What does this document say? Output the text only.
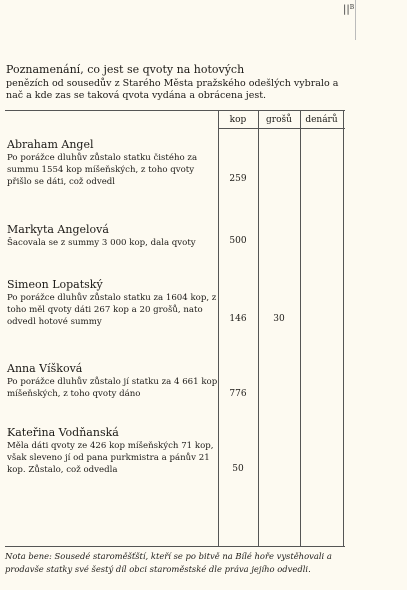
$||^B$
Poznamenání, co jest se qvoty na hotových
penězích od sousedův z Starého Města pražského odešlých vybralo a nač a kde zas se taková qvota vydána a obrácena jest.
kop	grošů	denárů
Abraham Angel
Po porážce dluhův zůstalo statku čistého za summu 1554 kop míšeňských, z toho qvoty přišlo se dáti, což odvedl	259
Markyta Angelová
Šacovala se z summy 3 000 kop, dala qvoty	500
Simeon Lopatský
Po porážce dluhův zůstalo statku za 1604 kop, z toho měl qvoty dáti 267 kop a 20 grošů, nato odvedl hotové summy	146	30
Anna Víšková
Po porážce dluhův zůstalo jí statku za 4 661 kop míšeňských, z toho qvoty dáno	776
Kateřina Vodňanská
Měla dáti qvoty ze 426 kop míšeňských 71 kop, však sleveno jí od pana purkmistra a pánův 21 kop. Zůstalo, což odvedla	50
Nota bene: Sousedé staroměšťští, kteří se po bitvě na Bílé hoře vystěhovali a prodavše statky své šestý díl obci staroměstské dle práva jejího odvedli.
